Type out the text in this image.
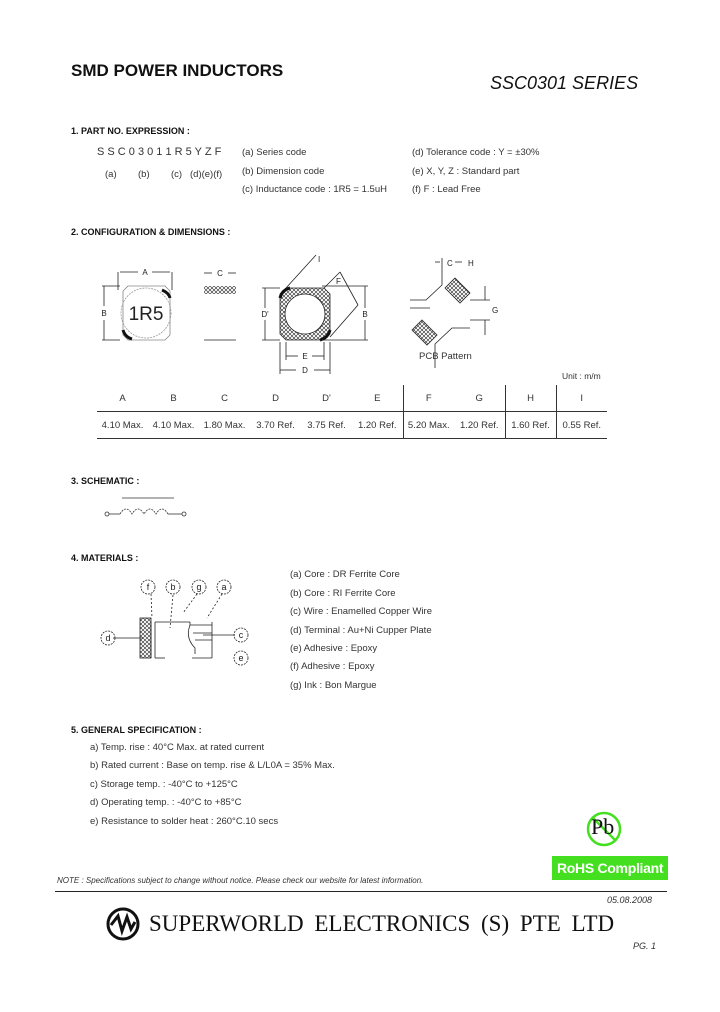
SMD POWER INDUCTORS
SSC0301 SERIES
1. PART NO. EXPRESSION :
S S C 0 3 0 1 1 R 5 Y Z F
(a) (b) (c) (d)(e)(f)
(a) Series code
(b) Dimension code
(c) Inductance code : 1R5 = 1.5uH
(d) Tolerance code : Y = ±30%
(e) X, Y, Z : Standard part
(f) F : Lead Free
2. CONFIGURATION & DIMENSIONS :
A
B 1R5
C
D'	B
E
D
I
F
C H
G
PCB Pattern
Unit : m/m
A	B	C	D	D'	E	F	G	H	I
4.10 Max.	4.10 Max.	1.80 Max.	3.70 Ref.	3.75 Ref.	1.20 Ref.	5.20 Max.	1.20 Ref.	1.60 Ref.	0.55 Ref.
3. SCHEMATIC :
4. MATERIALS :
f b g a
d	c
e
(a) Core : DR Ferrite Core
(b) Core : RI Ferrite Core
(c) Wire : Enamelled Copper Wire
(d) Terminal : Au+Ni Cupper Plate
(e) Adhesive : Epoxy
(f) Adhesive : Epoxy
(g) Ink : Bon Margue
5. GENERAL SPECIFICATION :
a) Temp. rise : 40°C Max. at rated current
b) Rated current : Base on temp. rise & L/L0A = 35% Max.
c) Storage temp. : -40°C to +125°C
d) Operating temp. : -40°C to +85°C
e) Resistance to solder heat : 260°C.10 secs	Pb
RoHS Compliant
NOTE : Specifications subject to change without notice. Please check our website for latest information.
05.08.2008
SUPERWORLD ELECTRONICS (S) PTE LTD
PG. 1
